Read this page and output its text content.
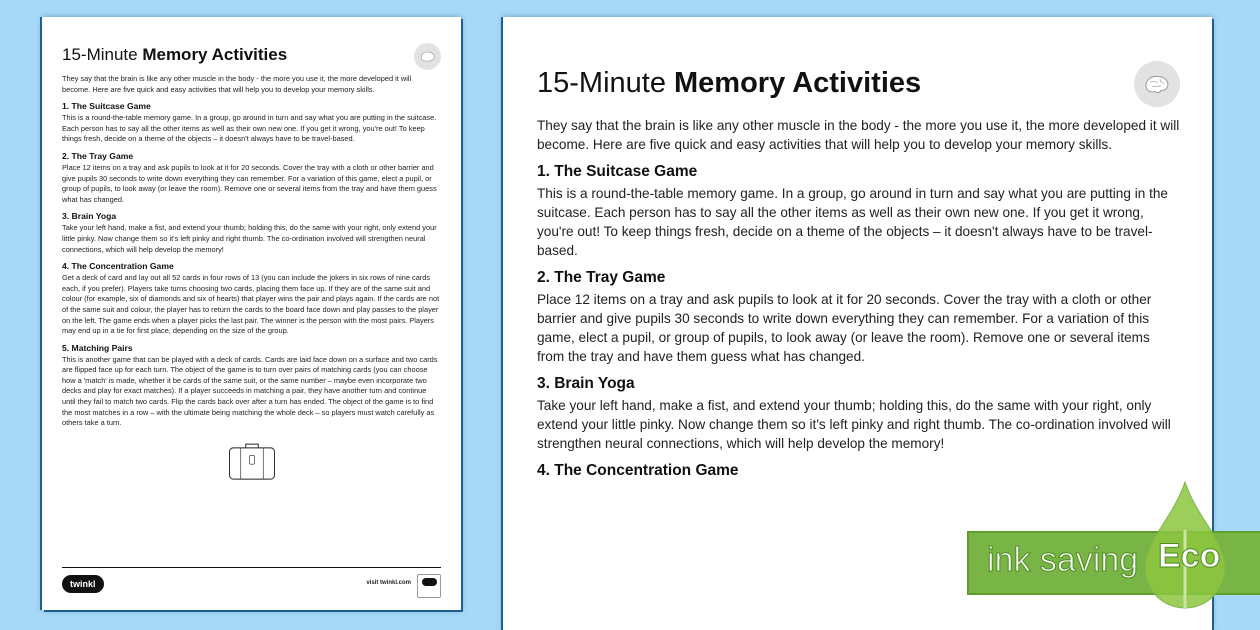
15-Minute Memory Activities

They say that the brain is like any other muscle in the body - the more you use it, the more developed it will become. Here are five quick and easy activities that will help you to develop your memory skills.

1. The Suitcase Game

This is a round-the-table memory game. In a group, go around in turn and say what you are putting in the suitcase. Each person has to say all the other items as well as their own new one. If you get it wrong, you're out! To keep things fresh, decide on a theme of the objects – it doesn't always have to be travel-based.

2. The Tray Game

Place 12 items on a tray and ask pupils to look at it for 20 seconds. Cover the tray with a cloth or other barrier and give pupils 30 seconds to write down everything they can remember. For a variation of this game, elect a pupil, or group of pupils, to look away (or leave the room). Remove one or several items from the tray and have them guess what has changed.

3. Brain Yoga

Take your left hand, make a fist, and extend your thumb; holding this, do the same with your right, only extend your little pinky. Now change them so it's left pinky and right thumb. The co-ordination involved will strengthen neural connections, which will help develop the memory!

4. The Concentration Game

Get a deck of card and lay out all 52 cards in four rows of 13 (you can include the jokers in six rows of nine cards each, if you prefer). Players take turns choosing two cards, placing them face up. If they are of the same suit and colour (for example, six of diamonds and six of hearts) that player wins the pair and plays again. If the cards are not of the same suit and colour, the player has to return the cards to the board face down and play passes to the player on the left. The game ends when a player picks the last pair. The winner is the person with the most pairs. Players may end up in a tie for first place, depending on the size of the group.

5. Matching Pairs

This is another game that can be played with a deck of cards. Cards are laid face down on a surface and two cards are flipped face up for each turn. The object of the game is to turn over pairs of matching cards (you can choose how a 'match' is made, whether it be cards of the same suit, or the same number – maybe even incorporate two decks and play for exact matches). If a player succeeds in matching a pair, they have another turn and continue until they fail to match two cards. Flip the cards back over after a turn has ended. The object of the game is to find the most matches in a row – with the ultimate being matching the whole deck – so players must watch carefully as others take a turn.

twinkl	visit twinkl.com
15-Minute Memory Activities

They say that the brain is like any other muscle in the body - the more you use it, the more developed it will become. Here are five quick and easy activities that will help you to develop your memory skills.

1. The Suitcase Game

This is a round-the-table memory game. In a group, go around in turn and say what you are putting in the suitcase. Each person has to say all the other items as well as their own new one. If you get it wrong, you're out! To keep things fresh, decide on a theme of the objects – it doesn't always have to be travel-based.

2. The Tray Game

Place 12 items on a tray and ask pupils to look at it for 20 seconds. Cover the tray with a cloth or other barrier and give pupils 30 seconds to write down everything they can remember. For a variation of this game, elect a pupil, or group of pupils, to look away (or leave the room). Remove one or several items from the tray and have them guess what has changed.

3. Brain Yoga

Take your left hand, make a fist, and extend your thumb; holding this, do the same with your right, only extend your little pinky. Now change them so it's left pinky and right thumb. The co-ordination involved will strengthen neural connections, which will help develop the memory!

4. The Concentration Game
ink saving Eco
